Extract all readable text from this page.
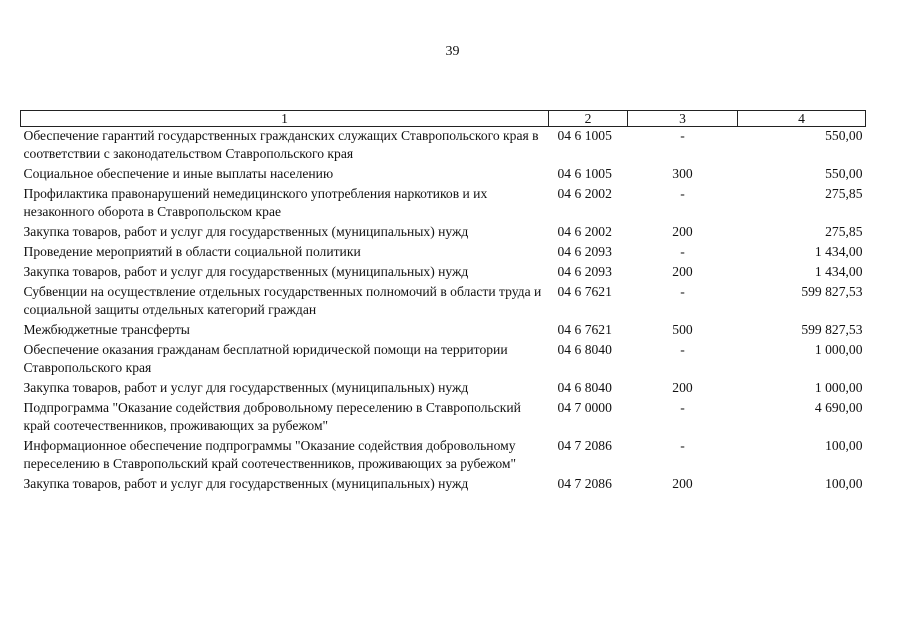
39
1	2	3	4
Обеспечение гарантий государственных гражданских служащих Ставропольского края в соответствии с законодательством Ставропольского края	04 6 1005	-	550,00
Социальное обеспечение и иные выплаты населению	04 6 1005	300	550,00
Профилактика правонарушений немедицинского употребления наркотиков и их незаконного оборота в Ставропольском крае	04 6 2002	-	275,85
Закупка товаров, работ и услуг для государственных (муниципальных) нужд	04 6 2002	200	275,85
Проведение мероприятий в области социальной политики	04 6 2093	-	1 434,00
Закупка товаров, работ и услуг для государственных (муниципальных) нужд	04 6 2093	200	1 434,00
Субвенции на осуществление отдельных государственных полномочий в области труда и социальной защиты отдельных категорий граждан	04 6 7621	-	599 827,53
Межбюджетные трансферты	04 6 7621	500	599 827,53
Обеспечение оказания гражданам бесплатной юридической помощи на территории Ставропольского края	04 6 8040	-	1 000,00
Закупка товаров, работ и услуг для государственных (муниципальных) нужд	04 6 8040	200	1 000,00
Подпрограмма "Оказание содействия добровольному переселению в Ставропольский край соотечественников, проживающих за рубежом"	04 7 0000	-	4 690,00
Информационное обеспечение подпрограммы "Оказание содействия добровольному переселению в Ставропольский край соотечественников, проживающих за рубежом"	04 7 2086	-	100,00
Закупка товаров, работ и услуг для государственных (муниципальных) нужд	04 7 2086	200	100,00
